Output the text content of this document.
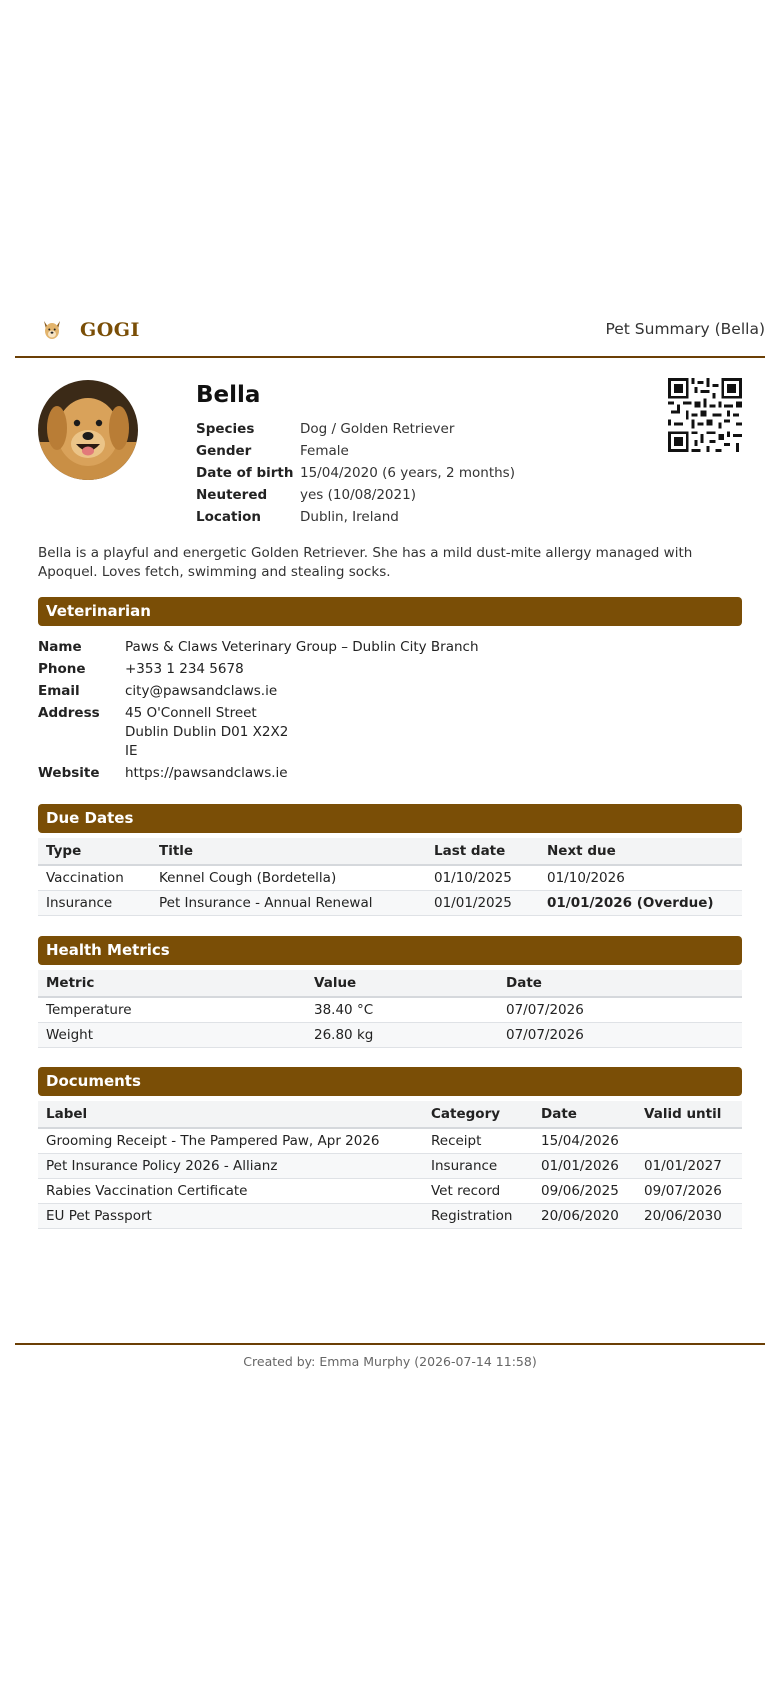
GOGI	Pet Summary (Bella)
Bella
Species	Dog / Golden Retriever
Gender	Female
Date of birth 15/04/2020 (6 years, 2 months)
Neutered	yes (10/08/2021)
Location	Dublin, Ireland
Bella is a playful and energetic Golden Retriever. She has a mild dust-mite allergy managed with Apoquel. Loves fetch, swimming and stealing socks.
Veterinarian
Name	Paws & Claws Veterinary Group – Dublin City Branch
Phone	+353 1 234 5678
Email	city@pawsandclaws.ie
Address	45 O'Connell Street
Dublin Dublin D01 X2X2
IE
Website	https://pawsandclaws.ie
Due Dates
Type	Title	Last date	Next due
Vaccination	Kennel Cough (Bordetella)	01/10/2025	01/10/2026
Insurance	Pet Insurance - Annual Renewal	01/01/2025	01/01/2026 (Overdue)
Health Metrics
Metric	Value	Date
Temperature	38.40 °C	07/07/2026
Weight	26.80 kg	07/07/2026
Documents
Label	Category	Date	Valid until
Grooming Receipt - The Pampered Paw, Apr 2026	Receipt	15/04/2026	
Pet Insurance Policy 2026 - Allianz	Insurance	01/01/2026	01/01/2027
Rabies Vaccination Certificate	Vet record	09/06/2025	09/07/2026
EU Pet Passport	Registration	20/06/2020	20/06/2030
Created by: Emma Murphy (2026-07-14 11:58)
